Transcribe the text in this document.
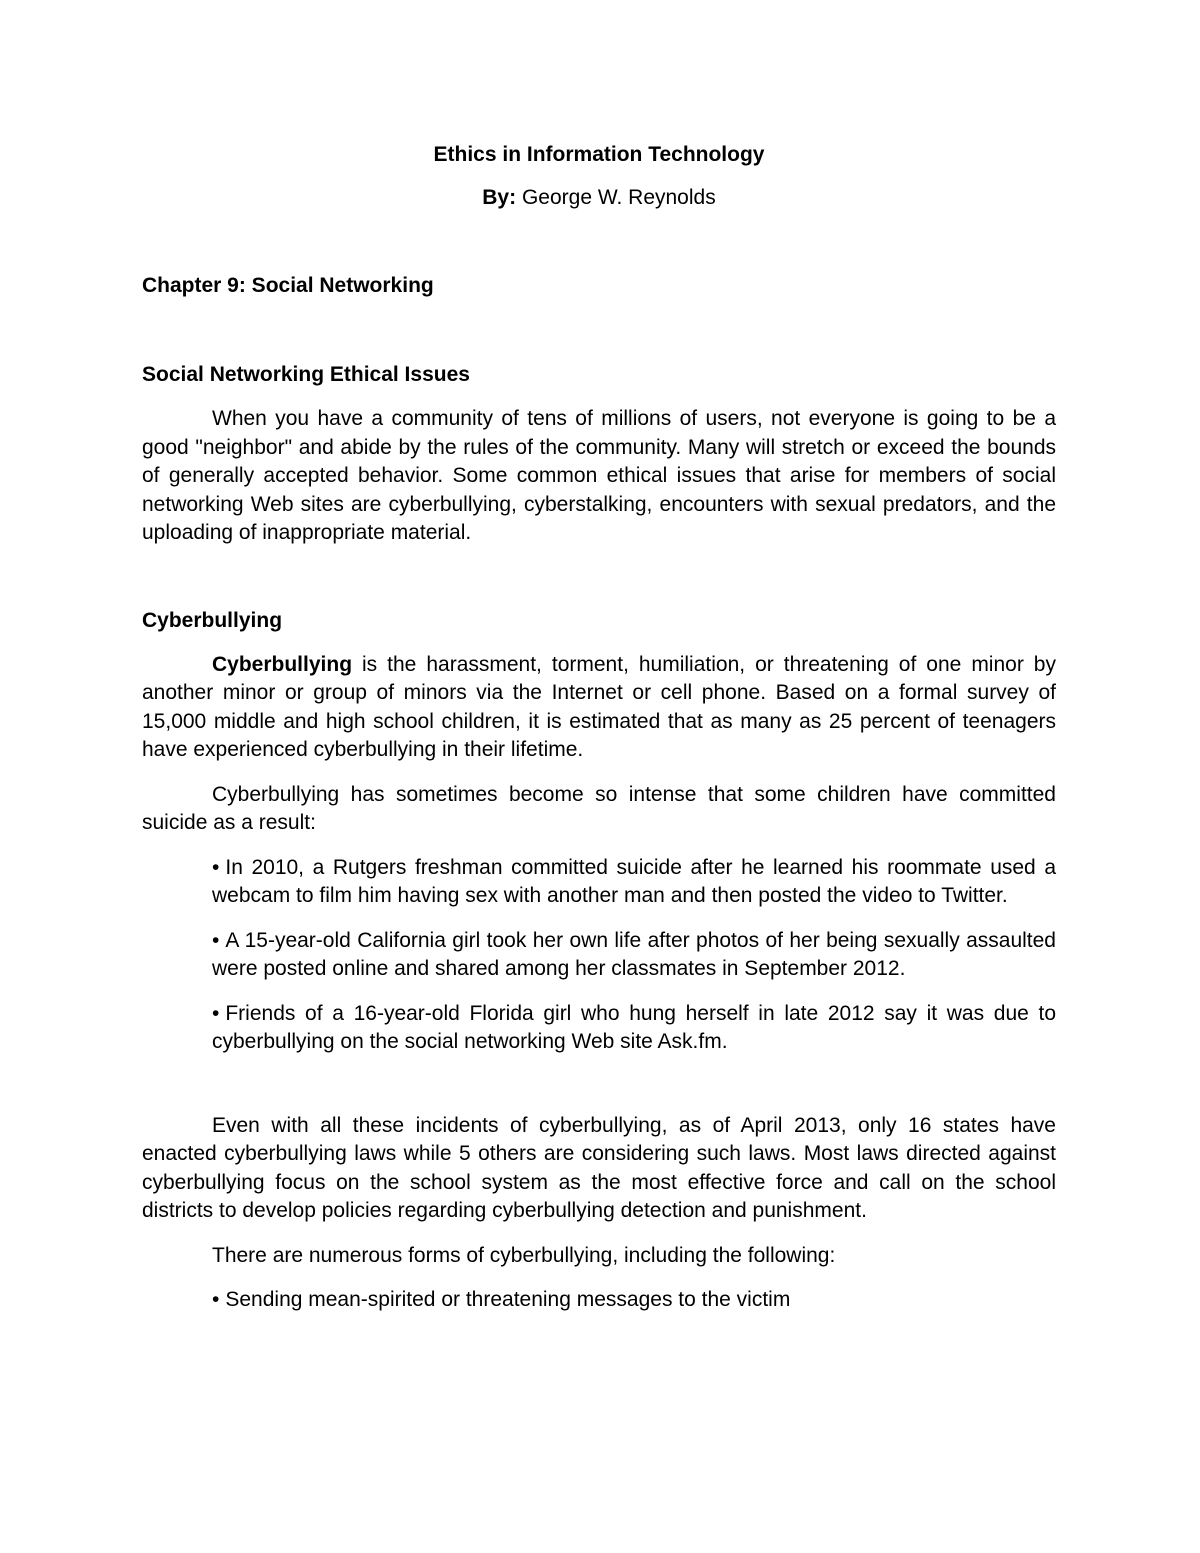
Ethics in Information Technology
By: George W. Reynolds
Chapter 9: Social Networking
Social Networking Ethical Issues

When you have a community of tens of millions of users, not everyone is going to be a good "neighbor" and abide by the rules of the community. Many will stretch or exceed the bounds of generally accepted behavior. Some common ethical issues that arise for members of social networking Web sites are cyberbullying, cyberstalking, encounters with sexual predators, and the uploading of inappropriate material.

Cyberbullying

Cyberbullying is the harassment, torment, humiliation, or threatening of one minor by another minor or group of minors via the Internet or cell phone. Based on a formal survey of 15,000 middle and high school children, it is estimated that as many as 25 percent of teenagers have experienced cyberbullying in their lifetime.

Cyberbullying has sometimes become so intense that some children have committed suicide as a result:

• In 2010, a Rutgers freshman committed suicide after he learned his roommate used a webcam to film him having sex with another man and then posted the video to Twitter.
• A 15-year-old California girl took her own life after photos of her being sexually assaulted were posted online and shared among her classmates in September 2012.
• Friends of a 16-year-old Florida girl who hung herself in late 2012 say it was due to cyberbullying on the social networking Web site Ask.fm.

Even with all these incidents of cyberbullying, as of April 2013, only 16 states have enacted cyberbullying laws while 5 others are considering such laws. Most laws directed against cyberbullying focus on the school system as the most effective force and call on the school districts to develop policies regarding cyberbullying detection and punishment.

There are numerous forms of cyberbullying, including the following:

• Sending mean-spirited or threatening messages to the victim
